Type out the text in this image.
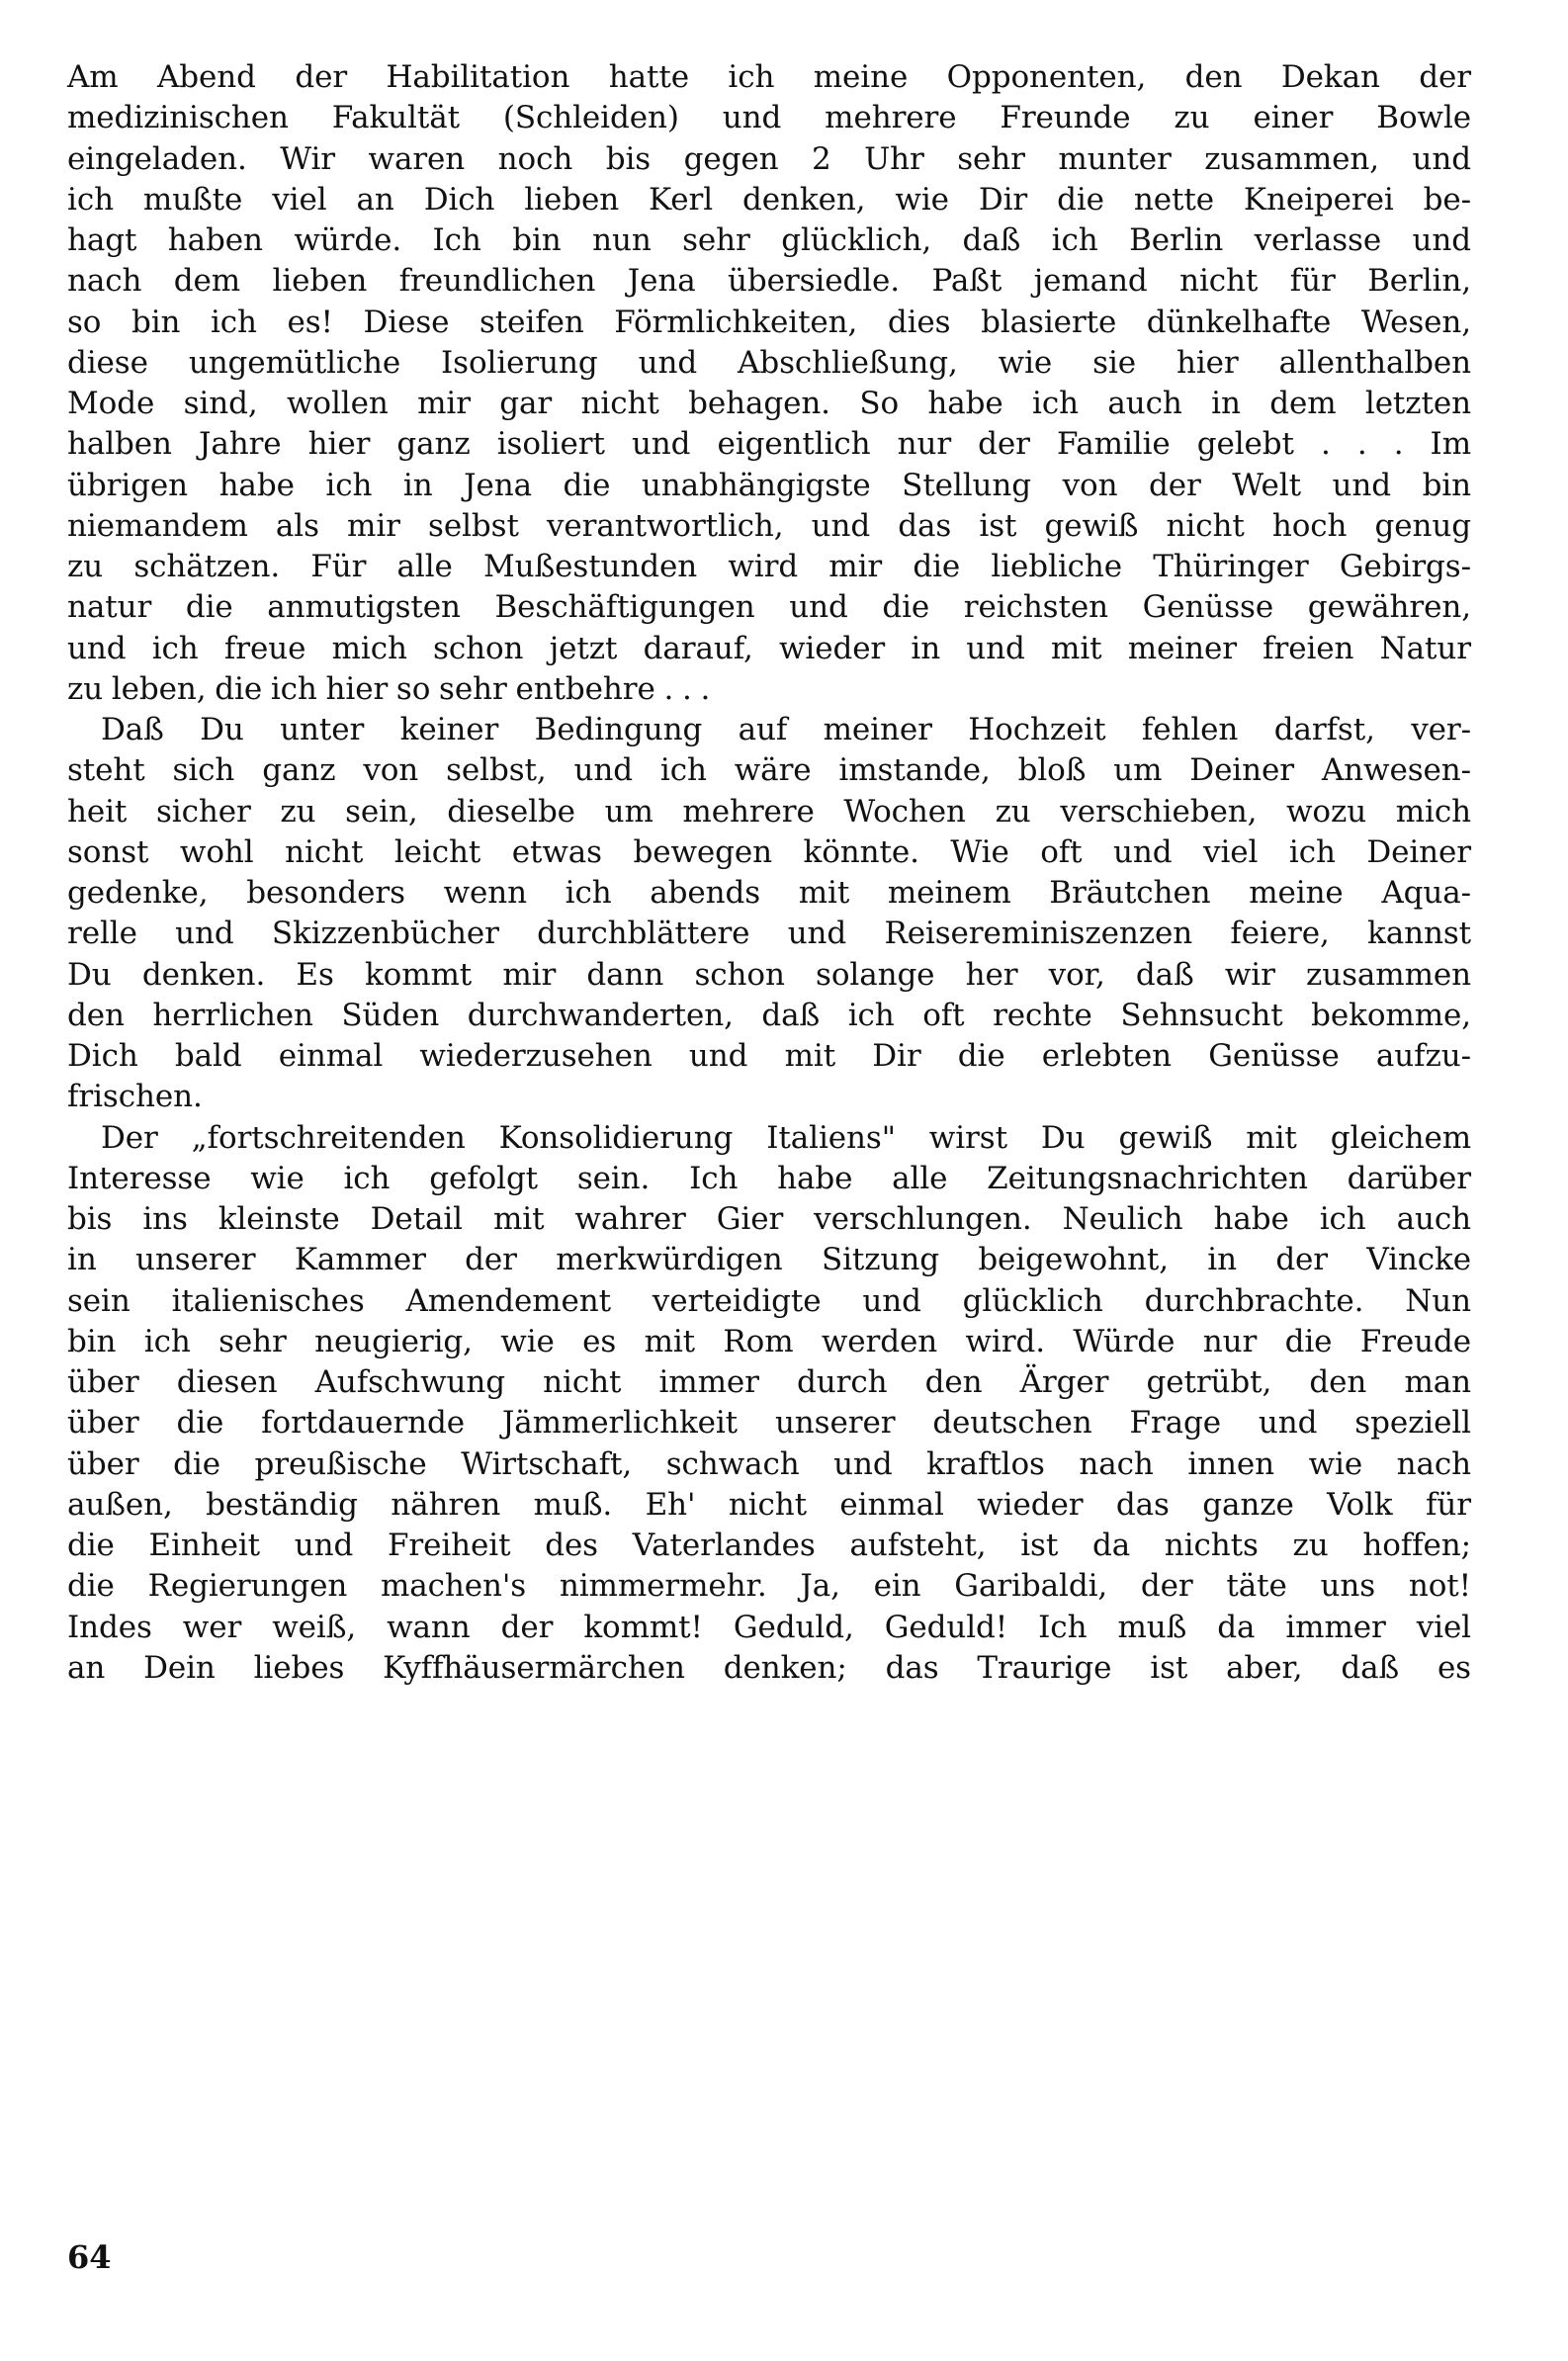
Am Abend der Habilitation hatte ich meine Opponenten, den Dekan der
medizinischen Fakultät (Schleiden) und mehrere Freunde zu einer Bowle
eingeladen. Wir waren noch bis gegen 2 Uhr sehr munter zusammen, und
ich mußte viel an Dich lieben Kerl denken, wie Dir die nette Kneiperei be-
hagt haben würde. Ich bin nun sehr glücklich, daß ich Berlin verlasse und
nach dem lieben freundlichen Jena übersiedle. Paßt jemand nicht für Berlin,
so bin ich es! Diese steifen Förmlichkeiten, dies blasierte dünkelhafte Wesen,
diese ungemütliche Isolierung und Abschließung, wie sie hier allenthalben
Mode sind, wollen mir gar nicht behagen. So habe ich auch in dem letzten
halben Jahre hier ganz isoliert und eigentlich nur der Familie gelebt . . . Im
übrigen habe ich in Jena die unabhängigste Stellung von der Welt und bin
niemandem als mir selbst verantwortlich, und das ist gewiß nicht hoch genug
zu schätzen. Für alle Mußestunden wird mir die liebliche Thüringer Gebirgs-
natur die anmutigsten Beschäftigungen und die reichsten Genüsse gewähren,
und ich freue mich schon jetzt darauf, wieder in und mit meiner freien Natur
zu leben, die ich hier so sehr entbehre . . .
Daß Du unter keiner Bedingung auf meiner Hochzeit fehlen darfst, ver-
steht sich ganz von selbst, und ich wäre imstande, bloß um Deiner Anwesen-
heit sicher zu sein, dieselbe um mehrere Wochen zu verschieben, wozu mich
sonst wohl nicht leicht etwas bewegen könnte. Wie oft und viel ich Deiner
gedenke, besonders wenn ich abends mit meinem Bräutchen meine Aqua-
relle und Skizzenbücher durchblättere und Reisereminiszenzen feiere, kannst
Du denken. Es kommt mir dann schon solange her vor, daß wir zusammen
den herrlichen Süden durchwanderten, daß ich oft rechte Sehnsucht bekomme,
Dich bald einmal wiederzusehen und mit Dir die erlebten Genüsse aufzu-
frischen.
Der „fortschreitenden Konsolidierung Italiens" wirst Du gewiß mit gleichem
Interesse wie ich gefolgt sein. Ich habe alle Zeitungsnachrichten darüber
bis ins kleinste Detail mit wahrer Gier verschlungen. Neulich habe ich auch
in unserer Kammer der merkwürdigen Sitzung beigewohnt, in der Vincke
sein italienisches Amendement verteidigte und glücklich durchbrachte. Nun
bin ich sehr neugierig, wie es mit Rom werden wird. Würde nur die Freude
über diesen Aufschwung nicht immer durch den Ärger getrübt, den man
über die fortdauernde Jämmerlichkeit unserer deutschen Frage und speziell
über die preußische Wirtschaft, schwach und kraftlos nach innen wie nach
außen, beständig nähren muß. Eh' nicht einmal wieder das ganze Volk für
die Einheit und Freiheit des Vaterlandes aufsteht, ist da nichts zu hoffen;
die Regierungen machen's nimmermehr. Ja, ein Garibaldi, der täte uns not!
Indes wer weiß, wann der kommt! Geduld, Geduld! Ich muß da immer viel
an Dein liebes Kyffhäusermärchen denken; das Traurige ist aber, daß es
64
